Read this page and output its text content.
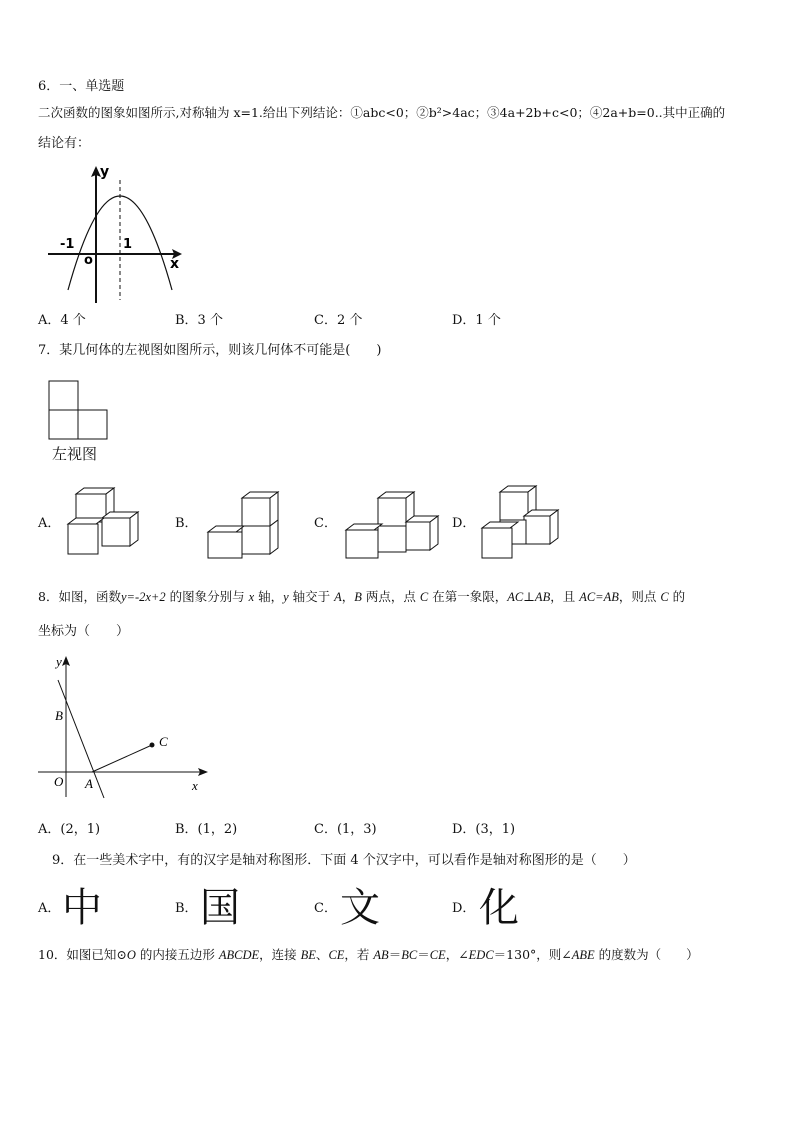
6．一、单选题
二次函数的图象如图所示,对称轴为 x=1.给出下列结论：①abc<0；②b²>4ac；③4a+2b+c<0；④2a+b=0..其中正确的
结论有：
y
x
o
-1	1
A．4 个	B．3 个	C．2 个	D．1 个
7．某几何体的左视图如图所示，则该几何体不可能是(　　)
左视图
A．	B．	C．	D．
8．如图，函数y=-2x+2 的图象分别与 x 轴，y 轴交于 A，B 两点，点 C 在第一象限，AC⊥AB，且 AC=AB，则点 C 的
坐标为（　　）
y
x
O A
B
C
A．(2，1)	B．(1，2)	C．(1，3)	D．(3，1)
9．在一些美术字中，有的汉字是轴对称图形．下面 4 个汉字中，可以看作是轴对称图形的是（　　）
A． 中	B． 国	C． 文	D． 化
10．如图已知⊙O 的内接五边形 ABCDE，连接 BE、CE，若 AB＝BC＝CE，∠EDC＝130°，则∠ABE 的度数为（　　）
